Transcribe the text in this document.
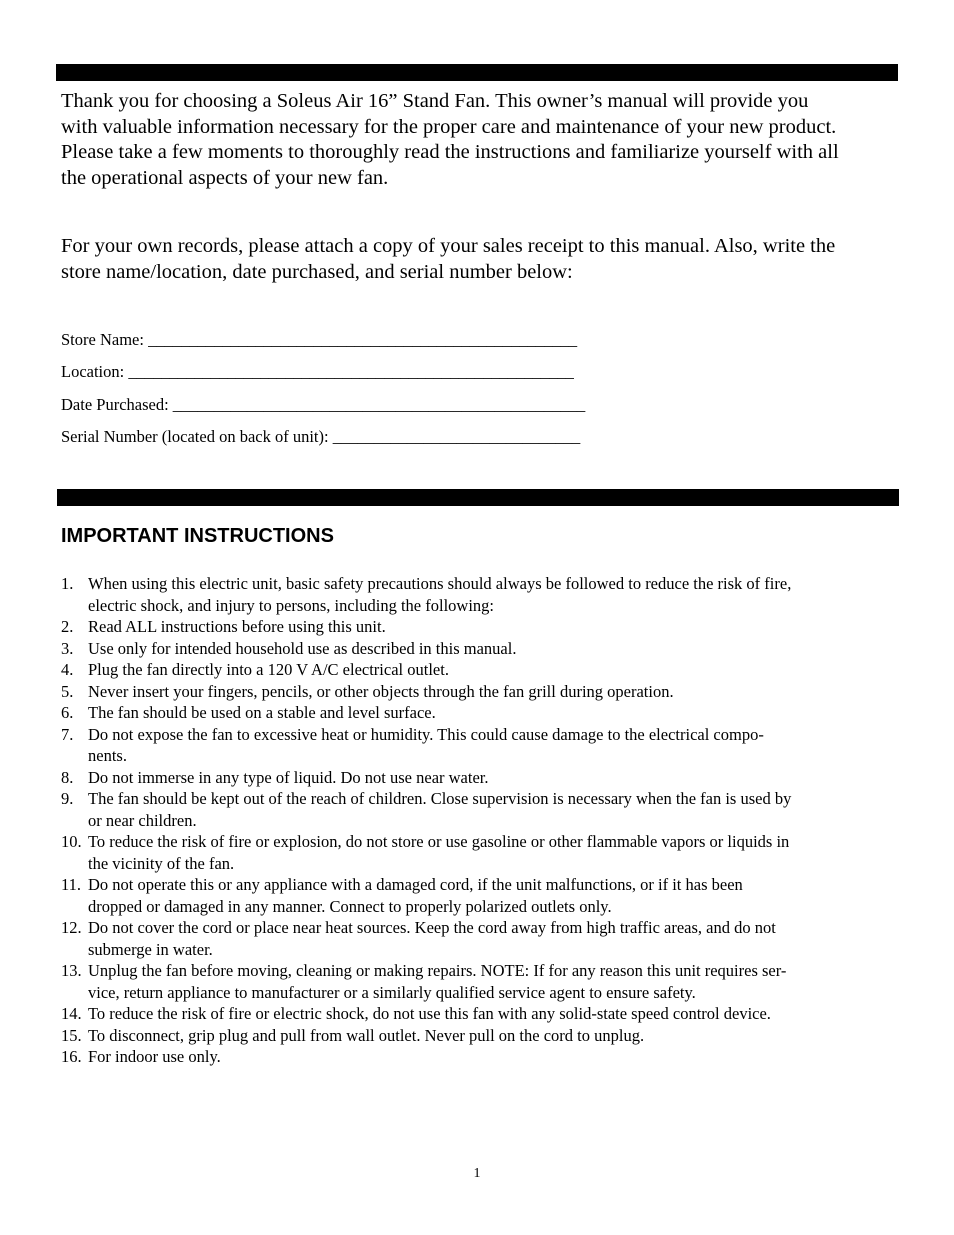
Thank you for choosing a Soleus Air 16” Stand Fan. This owner’s manual will provide you
with valuable information necessary for the proper care and maintenance of your new product.
Please take a few moments to thoroughly read the instructions and familiarize yourself with all
the operational aspects of your new fan.

For your own records, please attach a copy of your sales receipt to this manual. Also, write the
store name/location, date purchased, and serial number below:

Store Name: ____________________________________________________
Location: ______________________________________________________
Date Purchased: __________________________________________________
Serial Number (located on back of unit): ______________________________
IMPORTANT INSTRUCTIONS
1. When using this electric unit, basic safety precautions should always be followed to reduce the risk of fire,
electric shock, and injury to persons, including the following:
2. Read ALL instructions before using this unit.
3. Use only for intended household use as described in this manual.
4. Plug the fan directly into a 120 V A/C electrical outlet.
5. Never insert your fingers, pencils, or other objects through the fan grill during operation.
6. The fan should be used on a stable and level surface.
7. Do not expose the fan to excessive heat or humidity. This could cause damage to the electrical compo-
nents.
8. Do not immerse in any type of liquid. Do not use near water.
9. The fan should be kept out of the reach of children. Close supervision is necessary when the fan is used by
or near children.
10. To reduce the risk of fire or explosion, do not store or use gasoline or other flammable vapors or liquids in
the vicinity of the fan.
11. Do not operate this or any appliance with a damaged cord, if the unit malfunctions, or if it has been
dropped or damaged in any manner. Connect to properly polarized outlets only.
12. Do not cover the cord or place near heat sources. Keep the cord away from high traffic areas, and do not
submerge in water.
13. Unplug the fan before moving, cleaning or making repairs. NOTE: If for any reason this unit requires ser-
vice, return appliance to manufacturer or a similarly qualified service agent to ensure safety.
14. To reduce the risk of fire or electric shock, do not use this fan with any solid-state speed control device.
15. To disconnect, grip plug and pull from wall outlet. Never pull on the cord to unplug.
16. For indoor use only.
1
